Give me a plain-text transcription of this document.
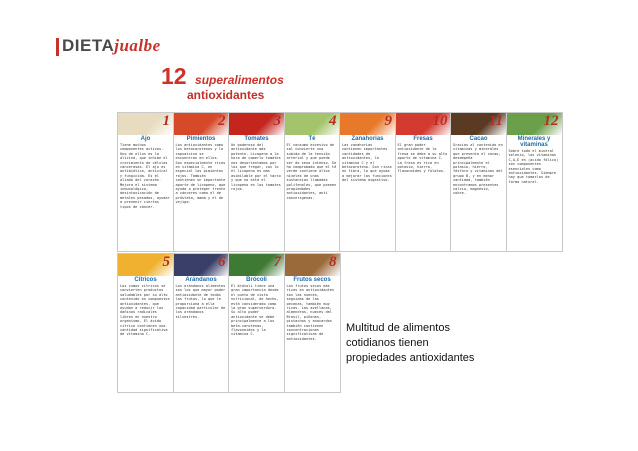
DIETAjualbe
12 superalimentos
antioxidantes
1
Ajo
Tiene muchos componentes activos. Uno de ellos es la alicina, que inhibe el crecimiento de células cancerosas. El ajo es antibiótico, antiviral y fungicida. Es el aliado del corazón. Mejora el sistema inmunológico, desintoxicación de metales pesados, ayudar a prevenir ciertos tipos de cáncer.
2
Pimientos
Los antioxidantes como los betacarotenos y la capsaicina se encuentran en ellos. Son especialmente ricos en vitamina C, en especial los pimientos rojos. También contienen un importante aporte de licopeno, que ayuda a proteger frente a cánceres como el de próstata, mama y el de vejiga.
3
Tomates
Un poderoso del antioxidante más potente. Licopeno a la hora de comerlo tomates nos desorientamos por los que fregar, con lo el licopeno es más asimilable por el tacto y que no está el licopeno en los tomates rojos.
4
Té
El consumo excesivo de sal convierte una subida de la tensión arterial y que puede ser de sexo intenso. Se ha comprobado que el té verde contiene altos niveles de unas sustancias llamadas polifenoles, que poseen propiedades antioxidantes, anti cancerígenas.
9
Zanahorias
Las zanahorias contienen importantes cantidades de antioxidantes, la vitamina C y el betacaroteno. Son ricas en fibra, lo que ayuda a mejorar las funciones del sistema digestivo.
10
Fresas
El gran poder antioxidante de la fresa se debe a su alto aporte de vitamina C. La fresa es rica en potasio, hierro, flavonoides y folatos.
11
Cacao
Gracias al contenido en vitaminas y minerales que presenta el cacao, desempeña principalmente el potasio, hierro, fósforo y vitaminas del grupo B, y en menor cantidad, también encontramos presentes calcio, magnesio, cobre.
12
Minerales y vitaminas
Sobre todo el mineral selenio, las vitaminas C,A,E en (acido fólico) son componentes esenciales como antioxidantes. Siempre hay que tomarlos de forma natural.
5
Cítricos
Los zumos cítricos se convierten productos saludables por su alto contenido en compuestos antioxidantes, que ayudan a reducir los dañinos radicales libres en nuestro organismo. El ácido cítrico contienen una cantidad significativa de vitamina C.
6
Arándanos
Los arándanos alimentos son los que mayor poder antioxidante de todas las frutas, lo que le proporciona a ella capacidad particular de los arándanos silvestres.
7
Brócoli
El brócoli tiene una gran importancia desde el punto de vista nutricional, de hecho, está considerado como la gran superverdura. Su alto poder antioxidante se debe principalmente a los beta-carotenos, flavonoides y la vitamina C.
8
Frutos secos
Los frutos secos más ricos en antioxidantes son las nueces, seguidas de las pecanas, también muy ricas. Las avellanas, almendras, nueces del Brasil, piñones, pistachos y anacardos también contienen concentraciones significativas de antioxidantes.
Multitud de alimentos
cotidianos tienen
propiedades antioxidantes
